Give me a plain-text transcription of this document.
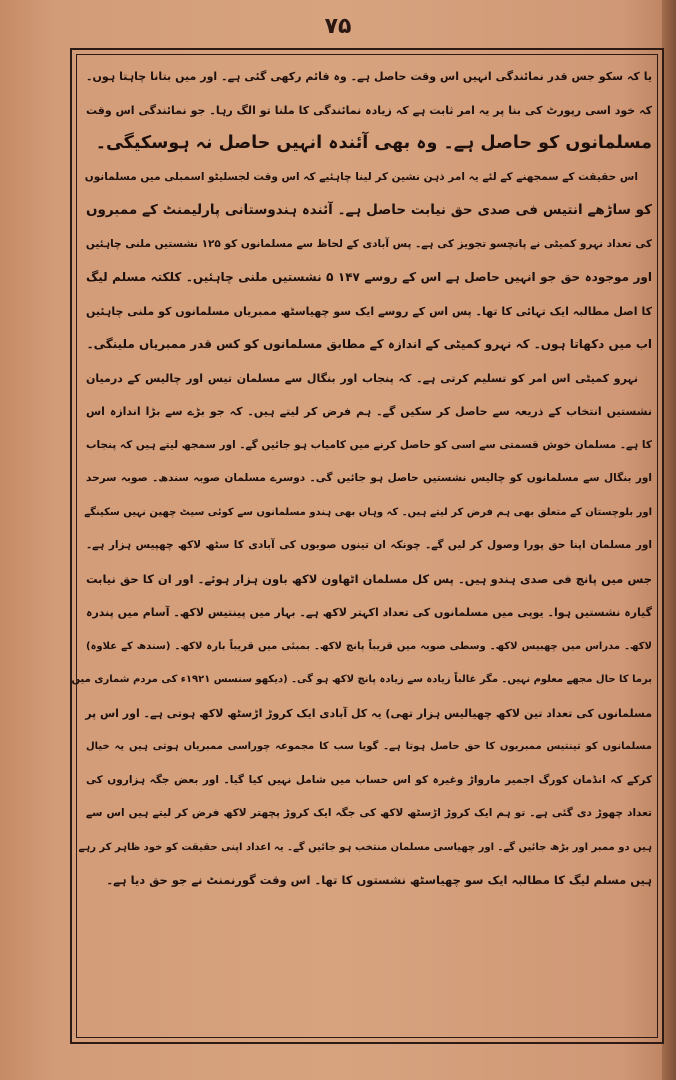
۷۵
یا کہ سکو جس قدر نمائندگی انہیں اس وقت حاصل ہے۔ وہ قائم رکھی گئی ہے۔ اور میں بتانا چاہتا ہوں۔
کہ خود اسی رپورٹ کی بنا پر یہ امر ثابت ہے کہ زیادہ نمائندگی کا ملنا تو الگ رہا۔ جو نمائندگی اس وقت
مسلمانوں کو حاصل ہے۔ وہ بھی آئندہ انہیں حاصل نہ ہوسکیگی۔
اس حقیقت کے سمجھنے کے لئے یہ امر ذہن نشین کر لینا چاہئیے کہ اس وقت لجسلیٹو اسمبلی میں مسلمانوں
کو ساڑھے انتیس فی صدی حق نیابت حاصل ہے۔ آئندہ ہندوستانی پارلیمنٹ کے ممبروں
کی تعداد نہرو کمیٹی نے پانچسو تجویز کی ہے۔ پس آبادی کے لحاظ سے مسلمانوں کو ۱۲۵ نشستیں ملنی چاہئیں
اور موجودہ حق جو انہیں حاصل ہے اس کے روسے ۱۴۷ ۵ نشستیں ملنی چاہئیں۔ کلکتہ مسلم لیگ
کا اصل مطالبہ ایک تہائی کا تھا۔ پس اس کے روسے ایک سو چھیاسٹھ ممبریاں مسلمانوں کو ملنی چاہئیں
اب میں دکھاتا ہوں۔ کہ نہرو کمیٹی کے اندازہ کے مطابق مسلمانوں کو کس قدر ممبریاں ملینگی۔
نہرو کمیٹی اس امر کو تسلیم کرتی ہے۔ کہ پنجاب اور بنگال سے مسلمان تیس اور چالیس کے درمیان
نشستیں انتخاب کے ذریعہ سے حاصل کر سکیں گے۔ ہم فرض کر لیتے ہیں۔ کہ جو بڑے سے بڑا اندازہ اس
کا ہے۔ مسلمان خوش قسمتی سے اسی کو حاصل کرنے میں کامیاب ہو جائیں گے۔ اور سمجھ لیتے ہیں کہ پنجاب
اور بنگال سے مسلمانوں کو چالیس نشستیں حاصل ہو جائیں گی۔ دوسرے مسلمان صوبہ سندھ۔ صوبہ سرحد
اور بلوچستان کے متعلق بھی ہم فرض کر لیتے ہیں۔ کہ وہاں بھی ہندو مسلمانوں سے کوئی سیٹ چھین نہیں سکینگے
اور مسلمان اپنا حق پورا وصول کر لیں گے۔ چونکہ ان تینوں صوبوں کی آبادی کا سٹھ لاکھ چھپیس ہزار ہے۔
جس میں پانچ فی صدی ہندو ہیں۔ پس کل مسلمان اٹھاون لاکھ باون ہزار ہوئے۔ اور ان کا حق نیابت
گیارہ نشستیں ہوا۔ یوپی میں مسلمانوں کی تعداد اکہتر لاکھ ہے۔ بہار میں پینتیس لاکھ۔ آسام میں پندرہ
لاکھ۔ مدراس میں چھبیس لاکھ۔ وسطی صوبہ میں قریباً پانچ لاکھ۔ بمبئی میں قریباً بارہ لاکھ۔ (سندھ کے علاوہ)
برما کا حال مجھے معلوم نہیں۔ مگر غالباً زیادہ سے زیادہ پانچ لاکھ ہو گی۔ (دیکھو سنسس ۱۹۲۱ء کی مردم شماری میں
مسلمانوں کی تعداد تین لاکھ چھیالیس ہزار تھی) یہ کل آبادی ایک کروڑ اڑسٹھ لاکھ ہوتی ہے۔ اور اس پر
مسلمانوں کو تینتیس ممبریوں کا حق حاصل ہوتا ہے۔ گویا سب کا مجموعہ چوراسی ممبریاں ہوتی ہیں یہ خیال
کرکے کہ انڈمان کورگ اجمیر مارواڑ وغیرہ کو اس حساب میں شامل نہیں کیا گیا۔ اور بعض جگہ ہزاروں کی
تعداد چھوڑ دی گئی ہے۔ تو ہم ایک کروڑ اڑسٹھ لاکھ کی جگہ ایک کروڑ پچھتر لاکھ فرض کر لیتے ہیں اس سے
ہیں دو ممبر اور بڑھ جائیں گے۔ اور چھیاسی مسلمان منتخب ہو جائیں گے۔ یہ اعداد اپنی حقیقت کو خود ظاہر کر رہے
ہیں مسلم لیگ کا مطالبہ ایک سو چھیاسٹھ نشستوں کا تھا۔ اس وقت گورنمنٹ نے جو حق دیا ہے۔
